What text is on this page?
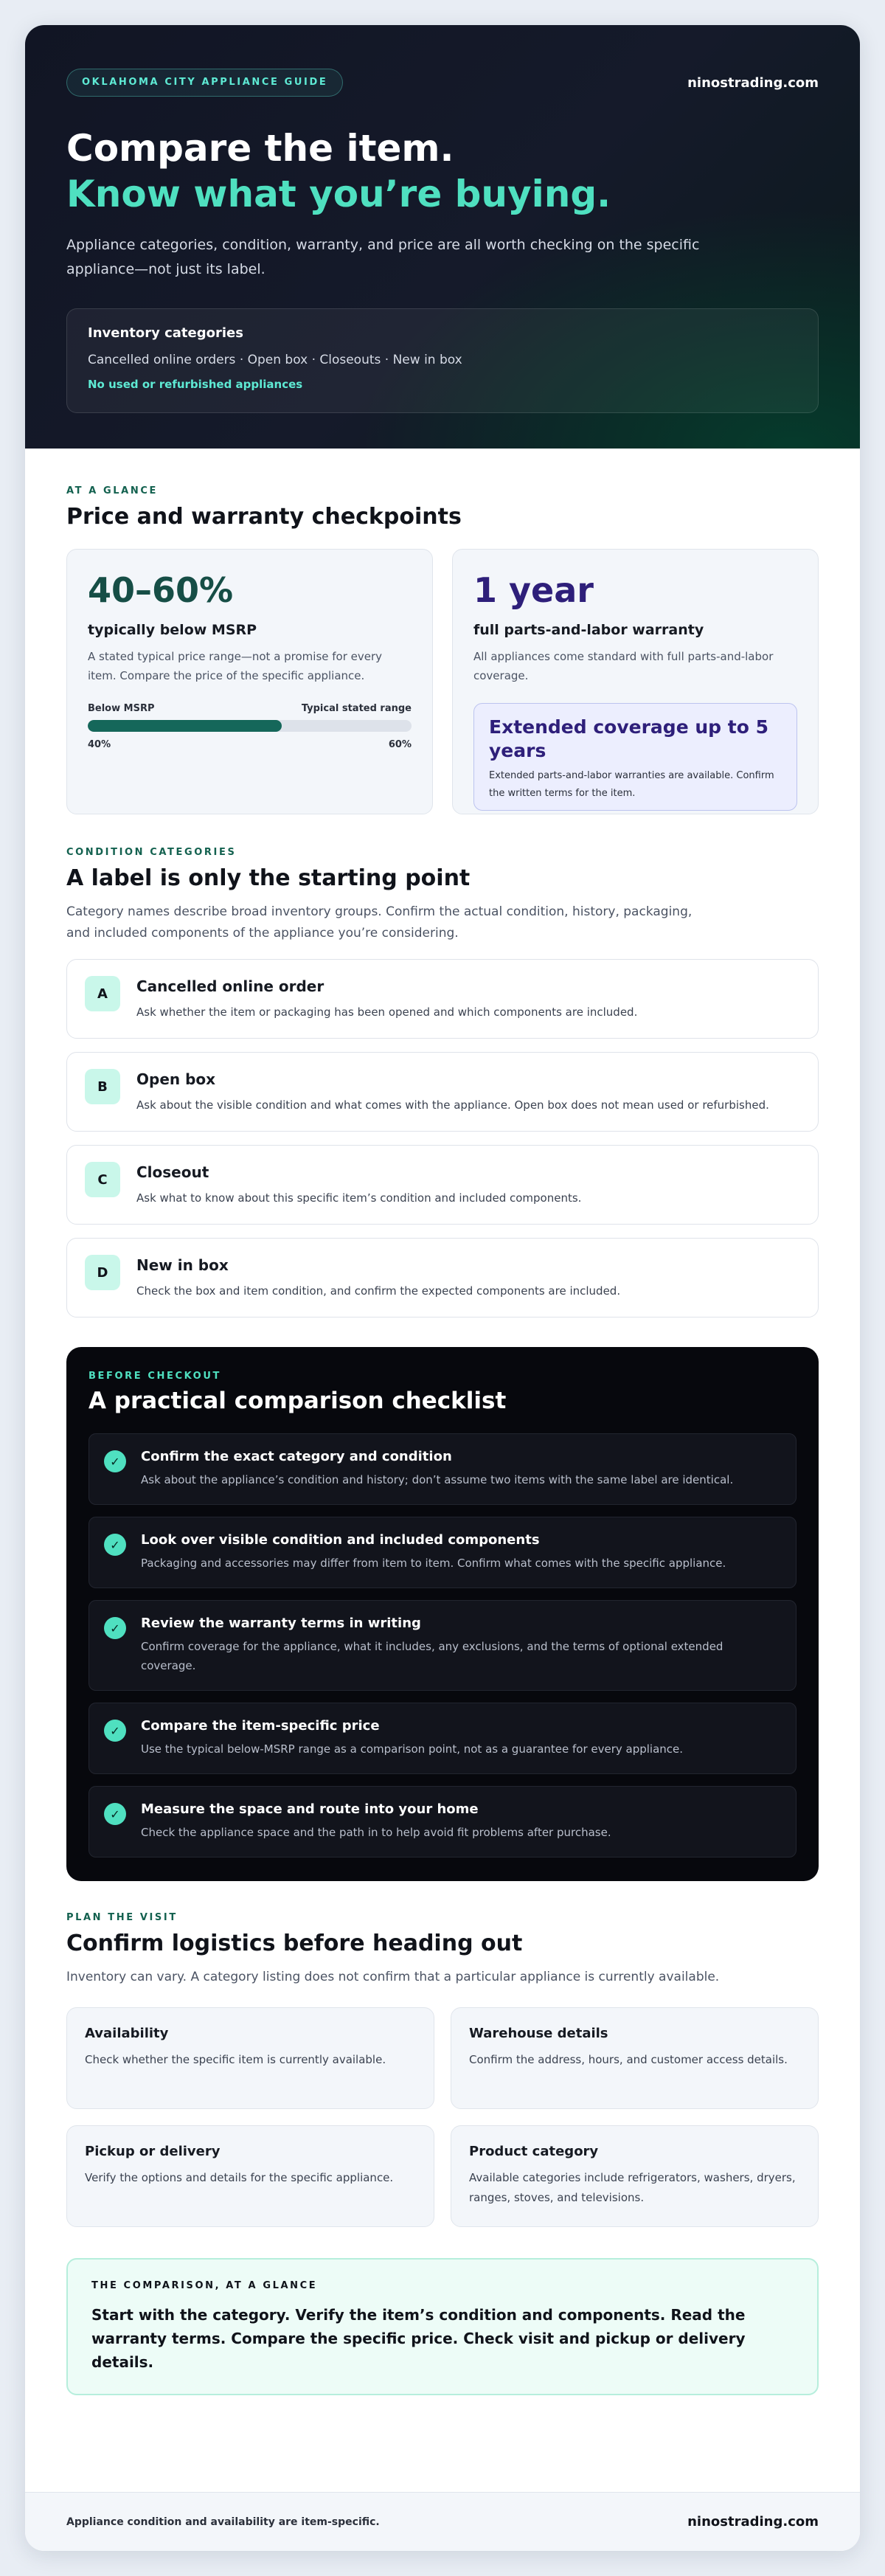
OKLAHOMA CITY APPLIANCE GUIDE	ninostrading.com
Compare the item.
Know what you’re buying.

Appliance categories, condition, warranty, and price are all worth checking on the specific appliance—not just its label.

Inventory categories
Cancelled online orders · Open box · Closeouts · New in box
No used or refurbished appliances
AT A GLANCE
Price and warranty checkpoints
40–60%
typically below MSRP

A stated typical price range—not a promise for every item. Compare the price of the specific appliance.

Below MSRP	Typical stated range
40%	60%
1 year
full parts-and-labor warranty

All appliances come standard with full parts-and-labor coverage.

Extended coverage up to 5 years

Extended parts-and-labor warranties are available. Confirm the written terms for the item.

CONDITION CATEGORIES
A label is only the starting point

Category names describe broad inventory groups. Confirm the actual condition, history, packaging, and included components of the appliance you’re considering.

A	Cancelled online order

Ask whether the item or packaging has been opened and which components are included.

B	Open box

Ask about the visible condition and what comes with the appliance. Open box does not mean used or refurbished.

C	Closeout

Ask what to know about this specific item’s condition and included components.

D	New in box

Check the box and item condition, and confirm the expected components are included.

BEFORE CHECKOUT
A practical comparison checklist
✓	Confirm the exact category and condition

Ask about the appliance’s condition and history; don’t assume two items with the same label are identical.

✓	Look over visible condition and included components

Packaging and accessories may differ from item to item. Confirm what comes with the specific appliance.

✓	Review the warranty terms in writing

Confirm coverage for the appliance, what it includes, any exclusions, and the terms of optional extended coverage.

✓	Compare the item-specific price

Use the typical below-MSRP range as a comparison point, not as a guarantee for every appliance.

✓	Measure the space and route into your home

Check the appliance space and the path in to help avoid fit problems after purchase.

PLAN THE VISIT
Confirm logistics before heading out

Inventory can vary. A category listing does not confirm that a particular appliance is currently available.

Availability

Check whether the specific item is currently available.

Warehouse details

Confirm the address, hours, and customer access details.

Pickup or delivery

Verify the options and details for the specific appliance.

Product category

Available categories include refrigerators, washers, dryers, ranges, stoves, and televisions.

THE COMPARISON, AT A GLANCE

Start with the category. Verify the item’s condition and components. Read the warranty terms. Compare the specific price. Check visit and pickup or delivery details.

Appliance condition and availability are item-specific.	ninostrading.com
